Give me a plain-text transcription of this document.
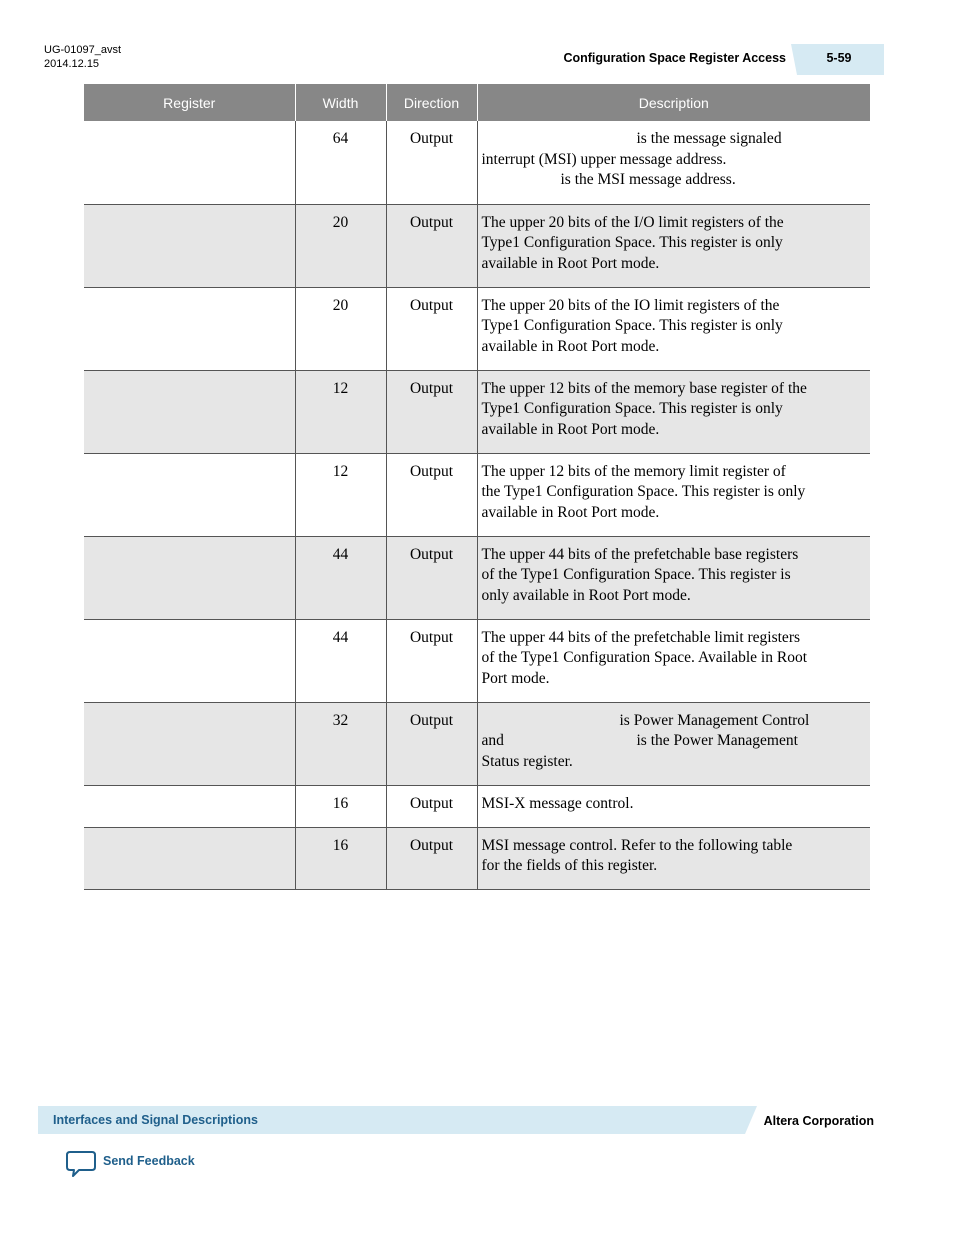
UG-01097_avst
2014.12.15	Configuration Space Register Access	5-59
Register	Width	Direction	Description
	64	Output	is the message signaled
interrupt (MSI) upper message address.
is the MSI message address.
	20	Output	The upper 20 bits of the I/O limit registers of the
Type1 Configuration Space. This register is only
available in Root Port mode.
	20	Output	The upper 20 bits of the IO limit registers of the
Type1 Configuration Space. This register is only
available in Root Port mode.
	12	Output	The upper 12 bits of the memory base register of the
Type1 Configuration Space. This register is only
available in Root Port mode.
	12	Output	The upper 12 bits of the memory limit register of
the Type1 Configuration Space. This register is only
available in Root Port mode.
	44	Output	The upper 44 bits of the prefetchable base registers
of the Type1 Configuration Space. This register is
only available in Root Port mode.
	44	Output	The upper 44 bits of the prefetchable limit registers
of the Type1 Configuration Space. Available in Root
Port mode.
	32	Output	is Power Management Control
and is the Power Management
Status register.
	16	Output	MSI-X message control.
	16	Output	MSI message control. Refer to the following table
for the fields of this register.
Interfaces and Signal Descriptions	Altera Corporation
Send Feedback
